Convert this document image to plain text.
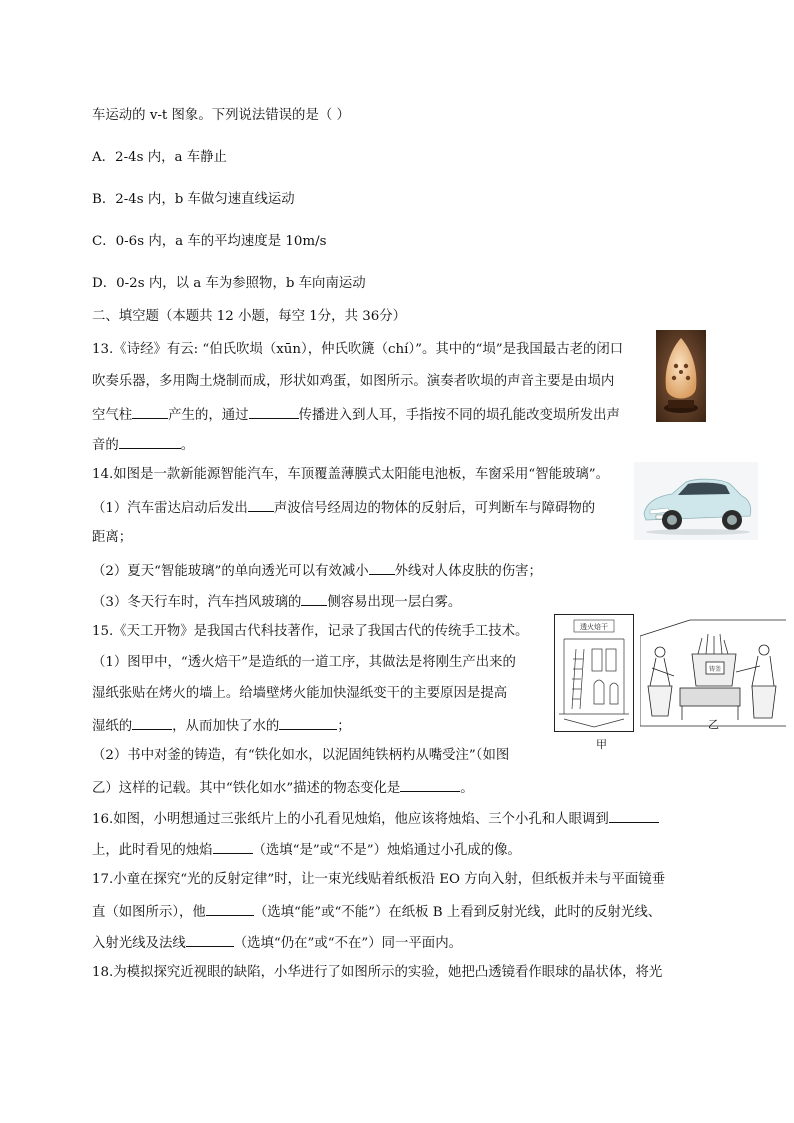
车运动的 v-t 图象。下列说法错误的是（ ）
A．2-4s 内，a 车静止
B．2-4s 内，b 车做匀速直线运动
C．0-6s 内，a 车的平均速度是 10m/s
D．0-2s 内，以 a 车为参照物，b 车向南运动
二、填空题（本题共 12 小题，每空 1分，共 36分）
13.《诗经》有云: “伯氏吹埙（xūn），仲氏吹篪（chí）”。其中的“埙”是我国最古老的闭口
吹奏乐器，多用陶土烧制而成，形状如鸡蛋，如图所示。演奏者吹埙的声音主要是由埙内
空气柱	产生的，通过	传播进入到人耳，手指按不同的埙孔能改变埙所发出声
音的	。
14.如图是一款新能源智能汽车，车顶覆盖薄膜式太阳能电池板，车窗采用“智能玻璃”。
（1）汽车雷达启动后发出 声波信号经周边的物体的反射后，可判断车与障碍物的
距离；
（2）夏天“智能玻璃”的单向透光可以有效减小 外线对人体皮肤的伤害；
（3）冬天行车时，汽车挡风玻璃的 侧容易出现一层白雾。
15.《天工开物》是我国古代科技著作，记录了我国古代的传统手工技术。
（1）图甲中，“透火焙干”是造纸的一道工序，其做法是将刚生产出来的
湿纸张贴在烤火的墙上。给墙壁烤火能加快湿纸变干的主要原因是提高
湿纸的	，从而加快了水的	；
（2）书中对釜的铸造，有“铁化如水，以泥固纯铁柄杓从嘴受注”（如图
乙）这样的记载。其中“铁化如水”描述的物态变化是	。
透火焙干
甲
铸釜
乙
16.如图，小明想通过三张纸片上的小孔看见烛焰，他应该将烛焰、三个小孔和人眼调到
上，此时看见的烛焰	（选填“是”或“不是”）烛焰通过小孔成的像。
17.小童在探究“光的反射定律”时，让一束光线贴着纸板沿 EO 方向入射，但纸板并未与平面镜垂
直（如图所示），他	（选填“能”或“不能”）在纸板 B 上看到反射光线，此时的反射光线、
入射光线及法线	（选填“仍在”或“不在”）同一平面内。
18.为模拟探究近视眼的缺陷，小华进行了如图所示的实验，她把凸透镜看作眼球的晶状体，将光
